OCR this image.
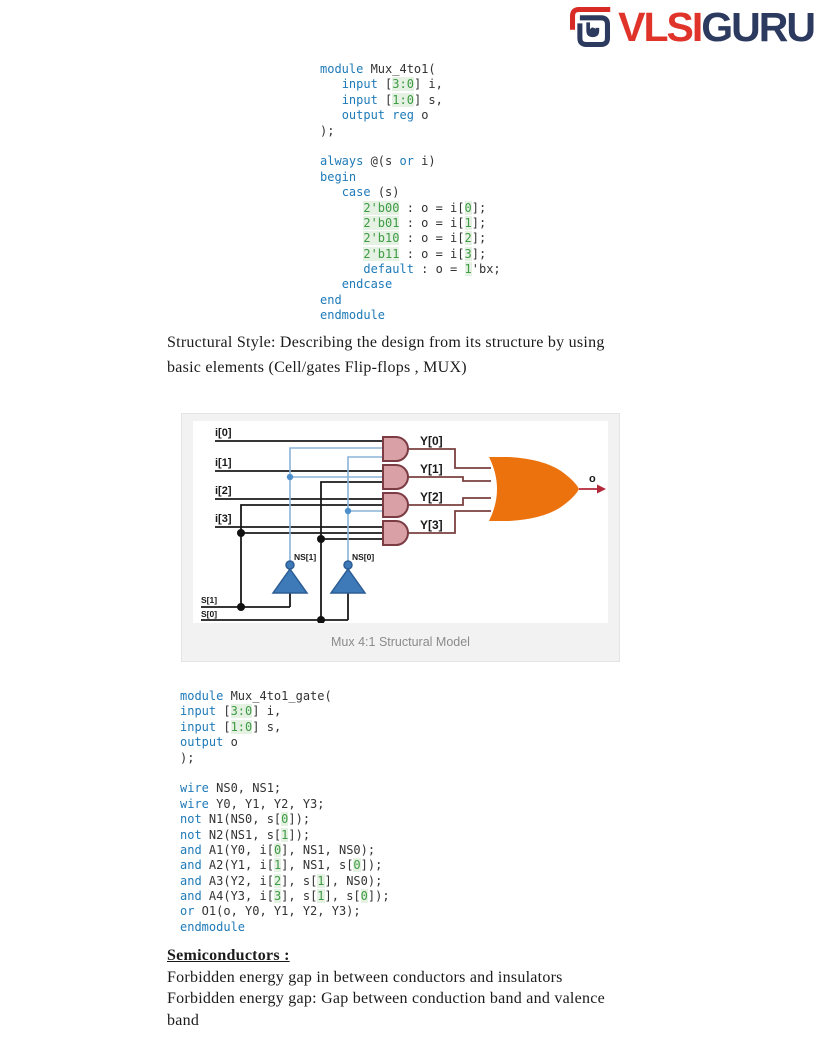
VLSIGURU
module Mux_4to1(
input [3:0] i,
input [1:0] s,
output reg o
);

always @(s or i)
begin
case (s)
2'b00 : o = i[0];
2'b01 : o = i[1];
2'b10 : o = i[2];
2'b11 : o = i[3];
default : o = 1'bx;
endcase
end
endmodule
Structural Style: Describing the design from its structure by using
basic elements (Cell/gates Flip-flops , MUX)
i[0]
i[1]
i[2]
i[3]
Y[0]
Y[1]
Y[2]
Y[3]
NS[1]	NS[0]
S[1]
S[0]
o
Mux 4:1 Structural Model
module Mux_4to1_gate(
input [3:0] i,
input [1:0] s,
output o
);

wire NS0, NS1;
wire Y0, Y1, Y2, Y3;
not N1(NS0, s[0]);
not N2(NS1, s[1]);
and A1(Y0, i[0], NS1, NS0);
and A2(Y1, i[1], NS1, s[0]);
and A3(Y2, i[2], s[1], NS0);
and A4(Y3, i[3], s[1], s[0]);
or O1(o, Y0, Y1, Y2, Y3);
endmodule
Semiconductors :
Forbidden energy gap in between conductors and insulators
Forbidden energy gap: Gap between conduction band and valence
band
